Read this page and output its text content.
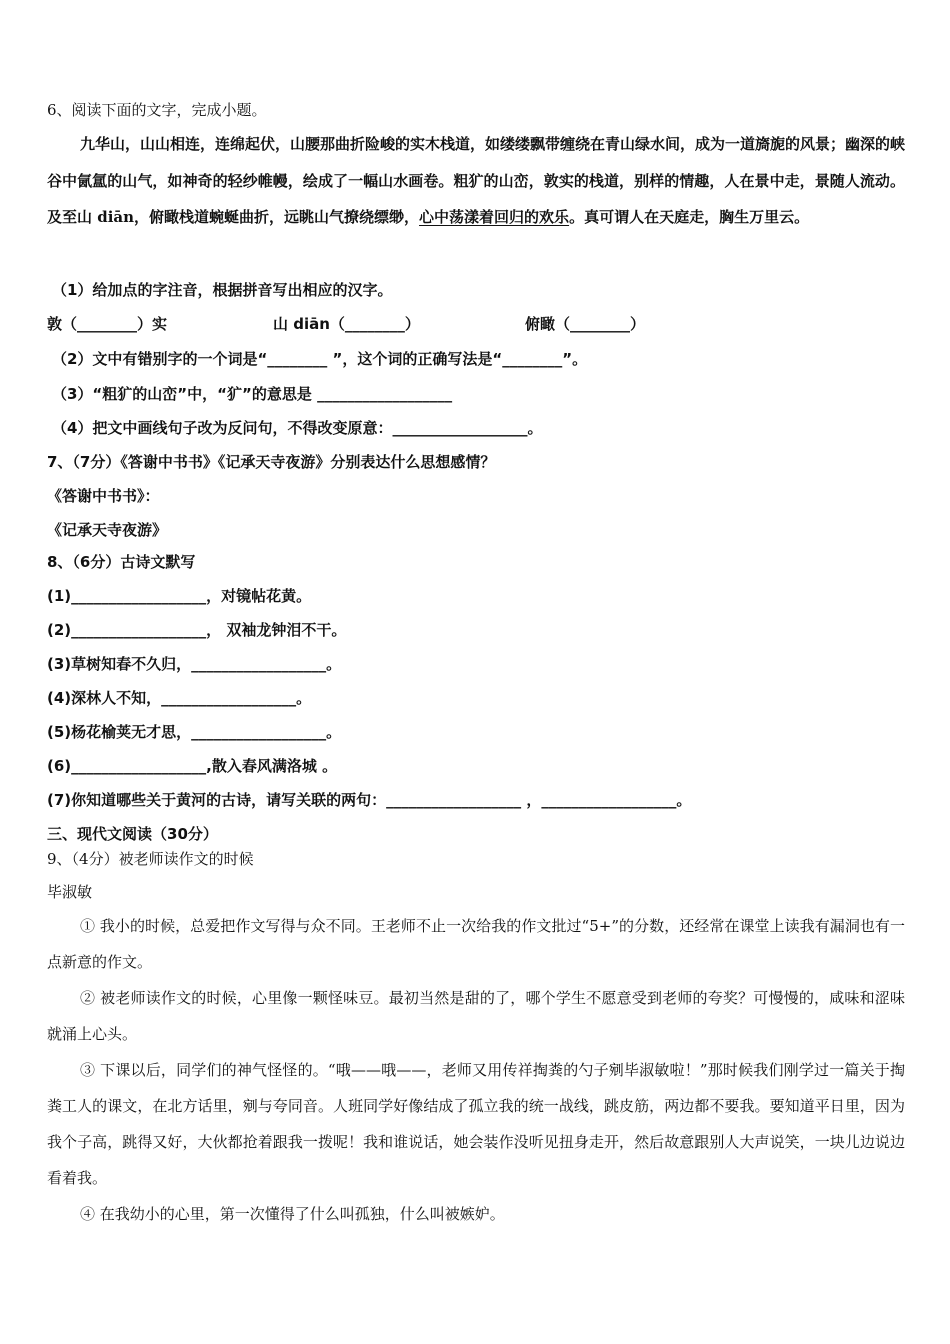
6、阅读下面的文字，完成小题。
九华山，山山相连，连绵起伏，山腰那曲折险峻的实木栈道，如缕缕飘带缠绕在青山绿水间，成为一道旖旎的风景；幽深的峡谷中氤氲的山气，如神奇的轻纱帷幔，绘成了一幅山水画卷。粗犷的山峦，敦实的栈道，别样的情趣，人在景中走，景随人流动。及至山 diān，俯瞰栈道蜿蜒曲折，远眺山气撩绕缥缈，心中荡漾着回归的欢乐。真可谓人在天庭走，胸生万里云。
（1）给加点的字注音，根据拼音写出相应的汉字。
敦（________）实	山 diān（________）	俯瞰（________）
（2）文中有错别字的一个词是“________ ”，这个词的正确写法是“________”。
（3）“粗犷的山峦”中，“犷”的意思是 __________________
（4）把文中画线句子改为反问句，不得改变原意：__________________。
7、（7分）《答谢中书书》《记承天寺夜游》分别表达什么思想感情？
《答谢中书书》：
《记承天寺夜游》
8、（6分）古诗文默写
(1)__________________，对镜帖花黄。
(2)__________________， 双袖龙钟泪不干。
(3)草树知春不久归，__________________。
(4)深林人不知，__________________。
(5)杨花榆荚无才思，__________________。
(6)__________________,散入春风满洛城 。
(7)你知道哪些关于黄河的古诗，请写关联的两句：__________________ ，__________________。
三、现代文阅读（30分）
9、（4分）被老师读作文的时候
毕淑敏
① 我小的时候，总爱把作文写得与众不同。王老师不止一次给我的作文批过“5+”的分数，还经常在课堂上读我有漏洞也有一点新意的作文。
② 被老师读作文的时候，心里像一颗怪味豆。最初当然是甜的了，哪个学生不愿意受到老师的夸奖？可慢慢的，咸味和涩味就涌上心头。
③ 下课以后，同学们的神气怪怪的。“哦——哦——，老师又用传祥掏粪的勺子剜毕淑敏啦！”那时候我们刚学过一篇关于掏粪工人的课文，在北方话里，剜与夸同音。人班同学好像结成了孤立我的统一战线，跳皮筋，两边都不要我。要知道平日里，因为我个子高，跳得又好，大伙都抢着跟我一拨呢！我和谁说话，她会装作没听见扭身走开，然后故意跟别人大声说笑，一块儿边说边看着我。
④ 在我幼小的心里，第一次懂得了什么叫孤独，什么叫被嫉妒。
